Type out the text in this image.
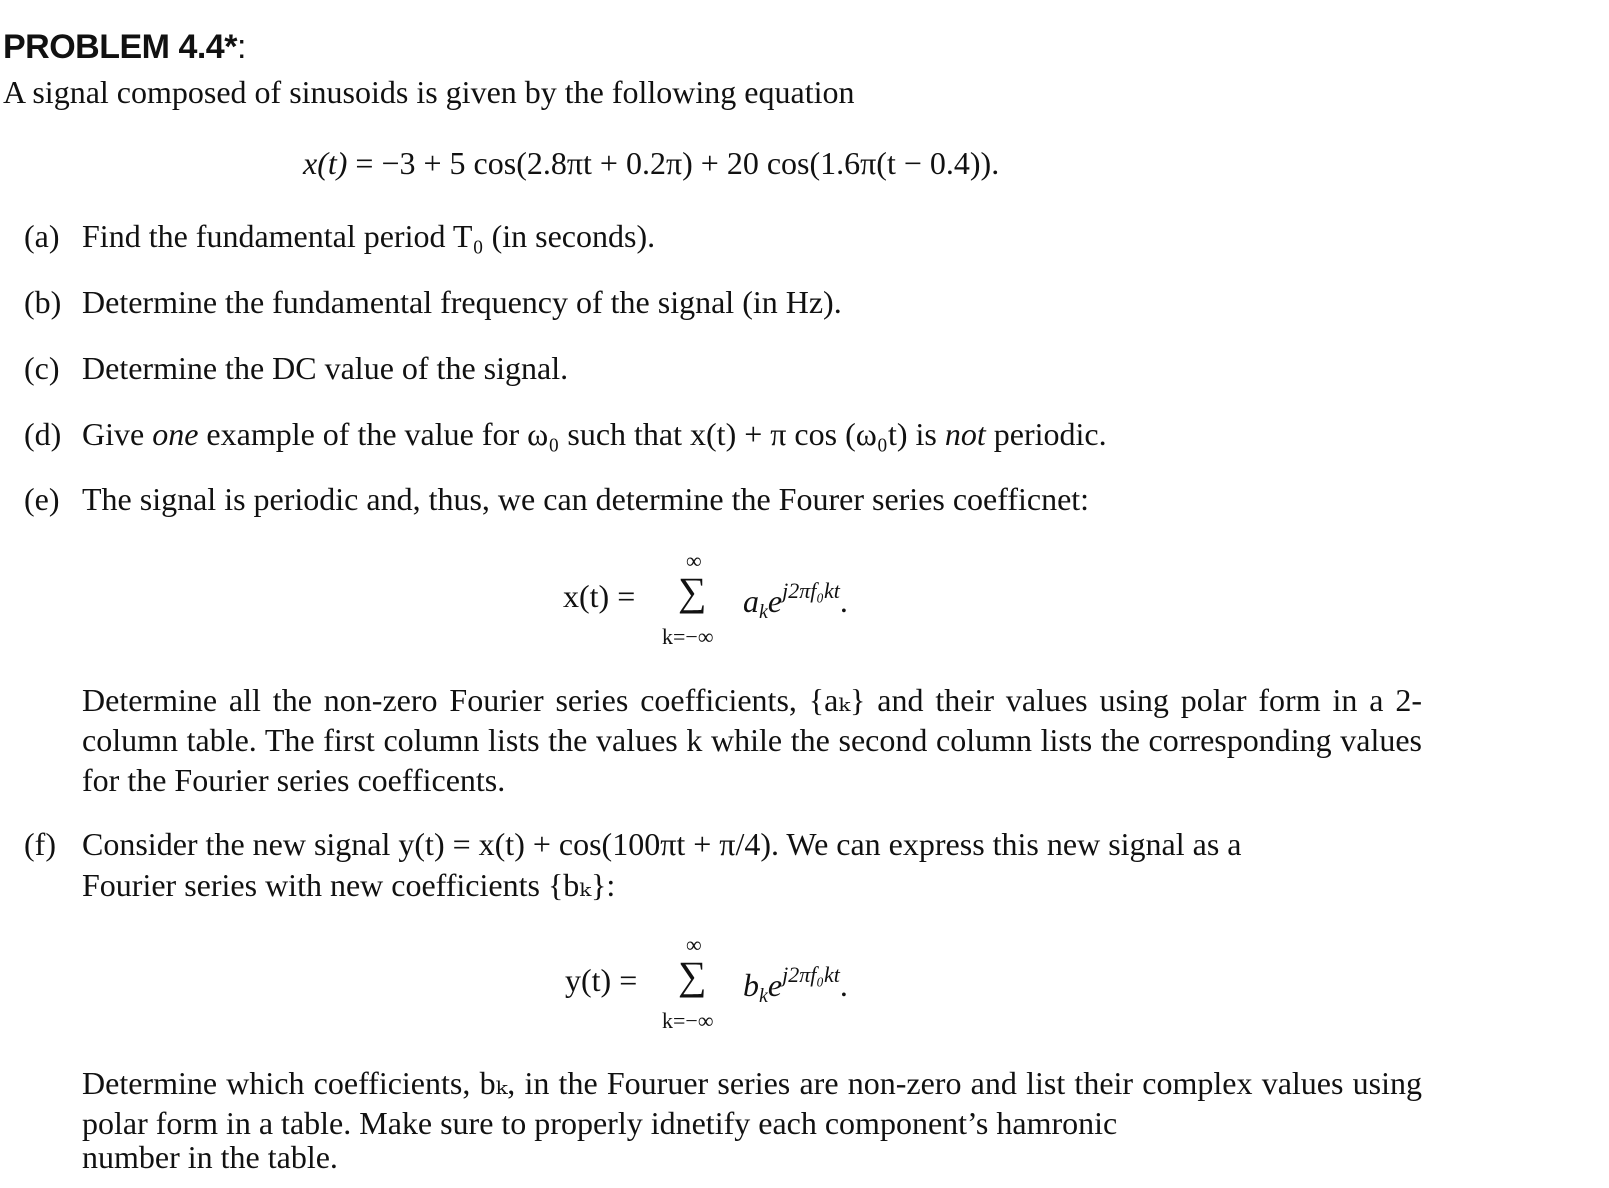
PROBLEM 4.4*:
A signal composed of sinusoids is given by the following equation
x(t) = −3 + 5 cos(2.8πt + 0.2π) + 20 cos(1.6π(t − 0.4)).
(a) Find the fundamental period T₀ (in seconds).
(b) Determine the fundamental frequency of the signal (in Hz).
(c) Determine the DC value of the signal.
(d) Give one example of the value for ω₀ such that x(t) + π cos (ω₀t) is not periodic.
(e) The signal is periodic and, thus, we can determine the Fourer series coefficnet:
x(t) =
∞
∑
k=−∞
$a_ke^{j2\pi f_0kt}$.
Determine all the non-zero Fourier series coefficients, {aₖ} and their values using polar form in a 2-column table. The first column lists the values k while the second column lists the corresponding values for the Fourier series coefficents.
(f) Consider the new signal y(t) = x(t) + cos(100πt + π/4). We can express this new signal as a
Fourier series with new coefficients {bₖ}:
y(t) =
∞
∑
k=−∞
$b_ke^{j2\pi f_0kt}$.
Determine which coefficients, bₖ, in the Fouruer series are non-zero and list their complex values using polar form in a table. Make sure to properly idnetify each component’s hamronic
number in the table.
